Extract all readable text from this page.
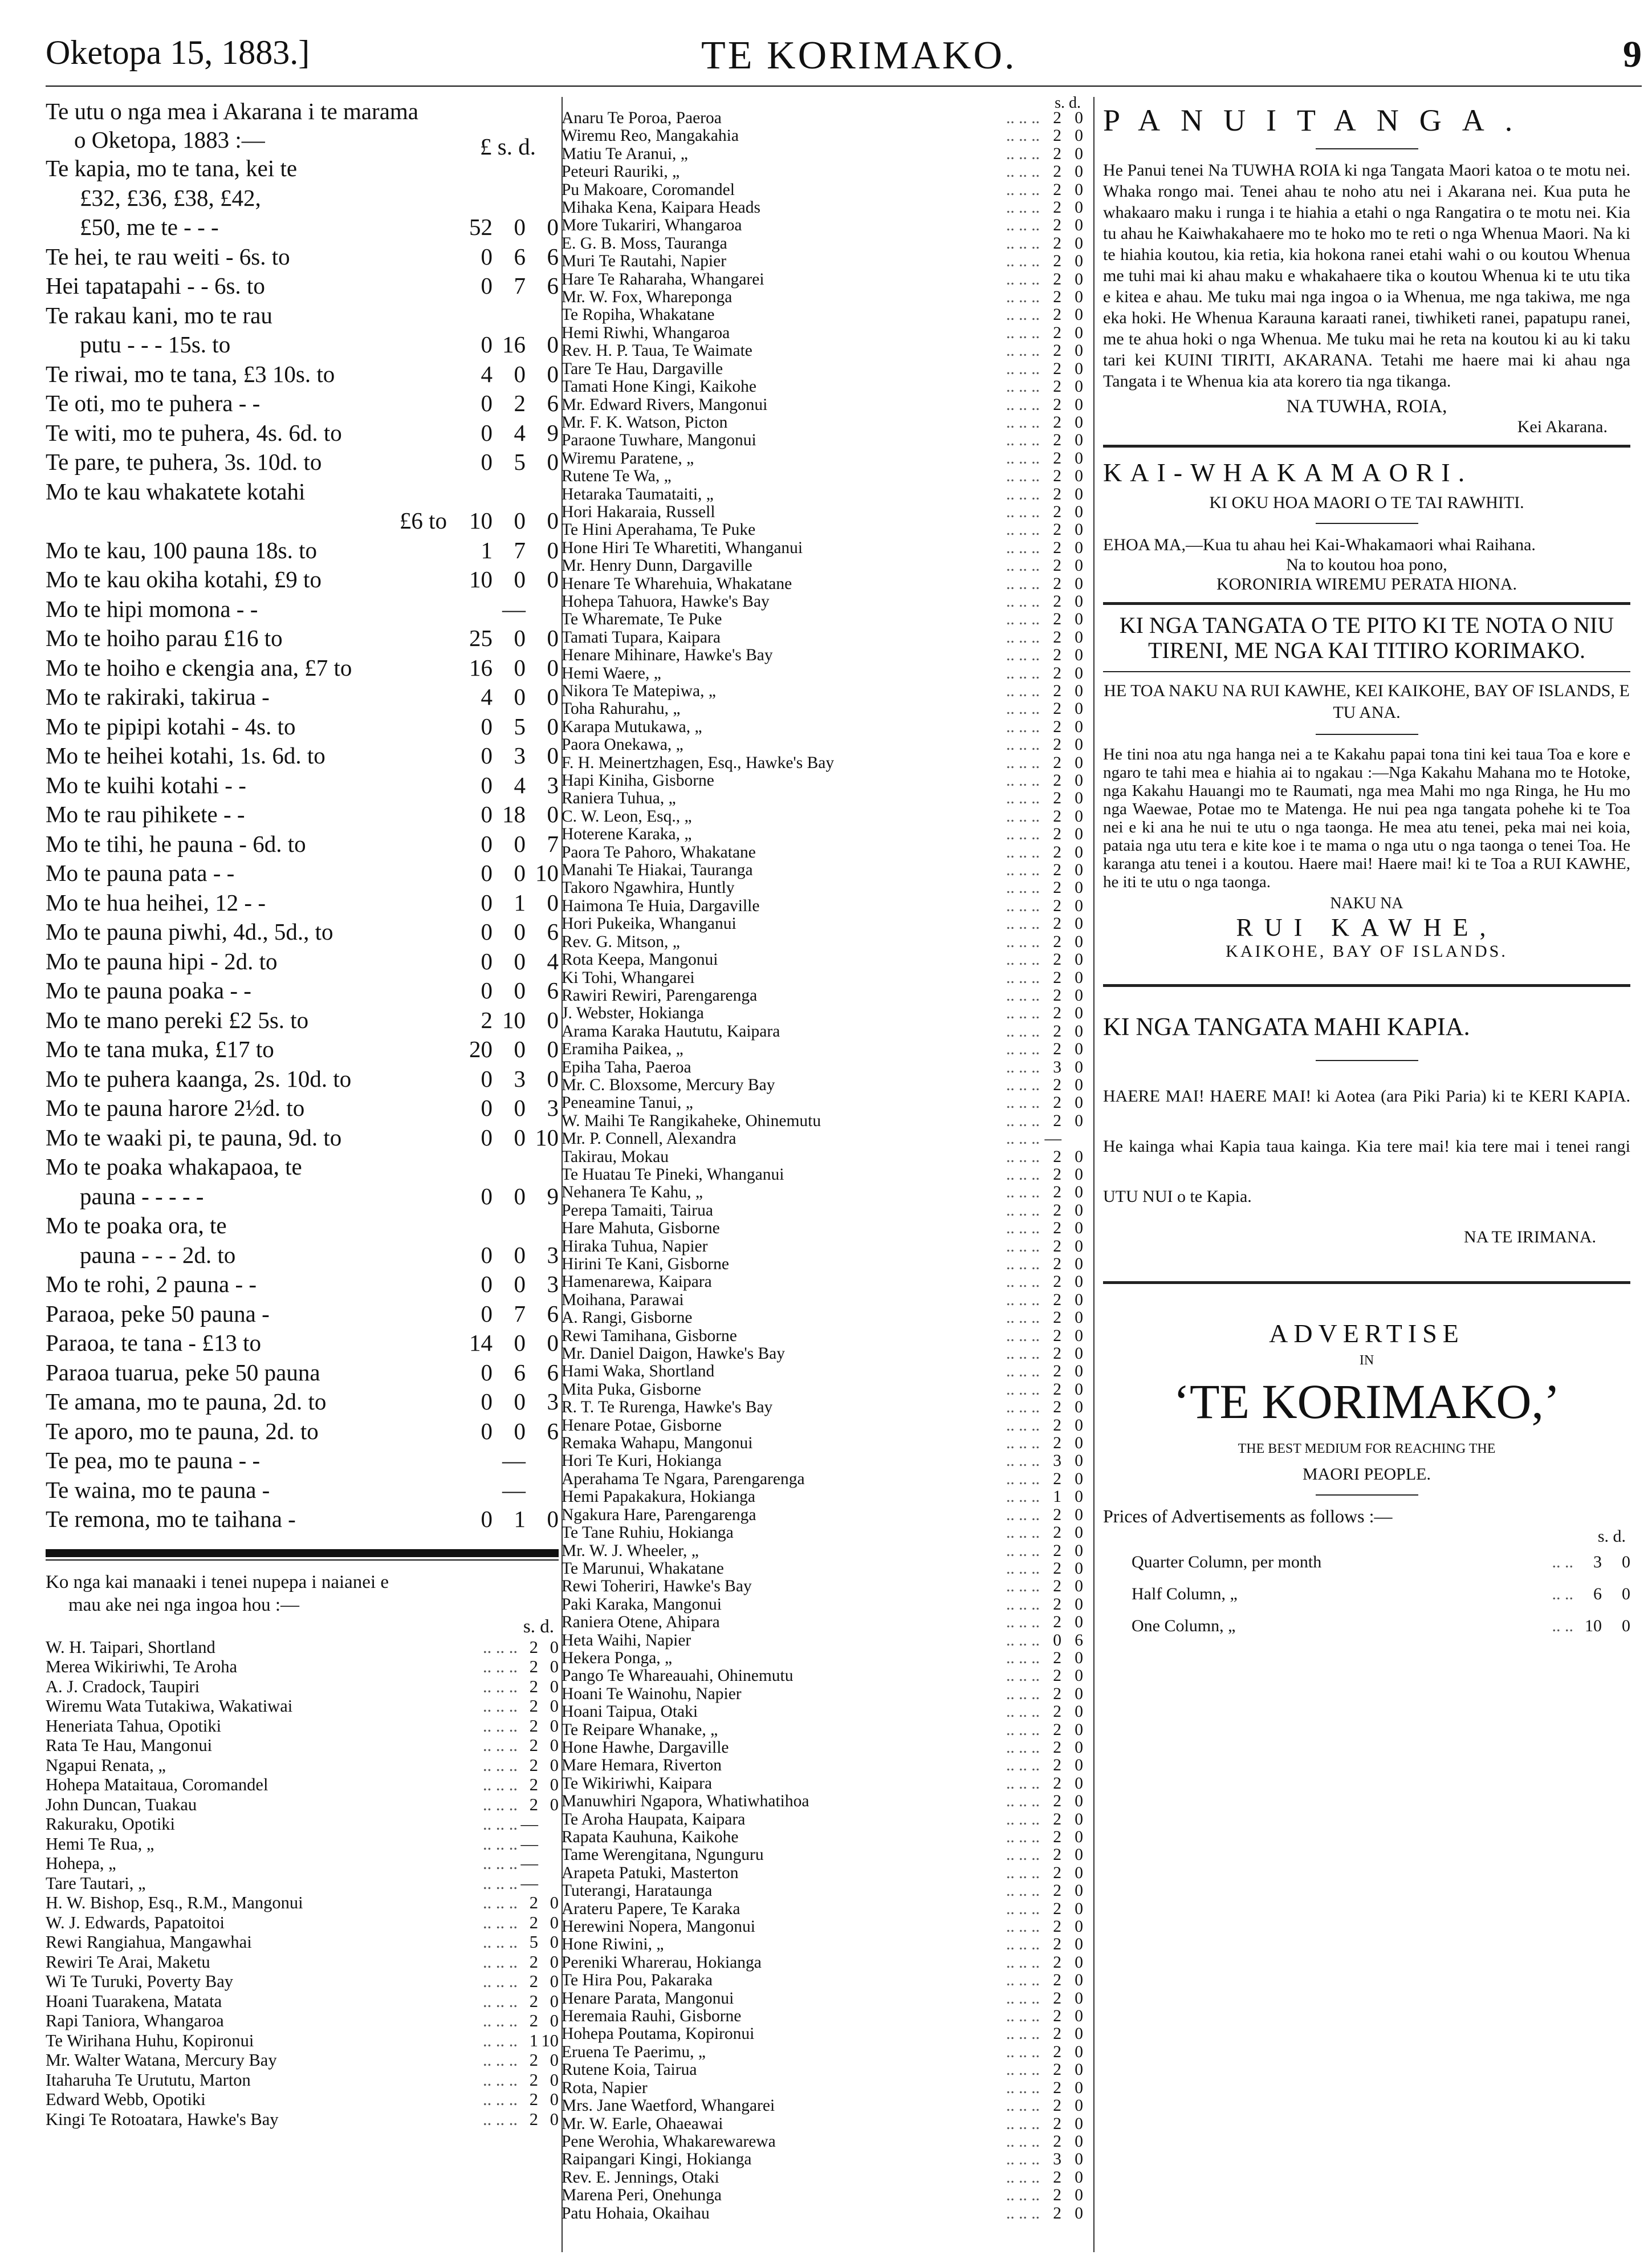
Oketopa 15, 1883.]	TE KORIMAKO.	9
Te utu o nga mea i Akarana i te marama
o Oketopa, 1883 :—	£ s. d.
Te kapia, mo te tana, kei te			
£32, £36, £38, £42,			
£50, me te - - -	52	0	0
Te hei, te rau weiti - 6s. to	0	6	6
Hei tapatapahi - - 6s. to	0	7	6
Te rakau kani, mo te rau			
putu - - - 15s. to	0	16	0
Te riwai, mo te tana, £3 10s. to	4	0	0
Te oti, mo te puhera - -	0	2	6
Te witi, mo te puhera, 4s. 6d. to	0	4	9
Te pare, te puhera, 3s. 10d. to	0	5	0
Mo te kau whakatete kotahi			
£6 to	10	0	0
Mo te kau, 100 pauna 18s. to	1	7	0
Mo te kau okiha kotahi, £9 to	10	0	0
Mo te hipi momona - -		—	
Mo te hoiho parau £16 to	25	0	0
Mo te hoiho e ckengia ana, £7 to	16	0	0
Mo te rakiraki, takirua -	4	0	0
Mo te pipipi kotahi - 4s. to	0	5	0
Mo te heihei kotahi, 1s. 6d. to	0	3	0
Mo te kuihi kotahi - -	0	4	3
Mo te rau pihikete - -	0	18	0
Mo te tihi, he pauna - 6d. to	0	0	7
Mo te pauna pata - -	0	0	10
Mo te hua heihei, 12 - -	0	1	0
Mo te pauna piwhi, 4d., 5d., to	0	0	6
Mo te pauna hipi - 2d. to	0	0	4
Mo te pauna poaka - -	0	0	6
Mo te mano pereki £2 5s. to	2	10	0
Mo te tana muka, £17 to	20	0	0
Mo te puhera kaanga, 2s. 10d. to	0	3	0
Mo te pauna harore 2½d. to	0	0	3
Mo te waaki pi, te pauna, 9d. to	0	0	10
Mo te poaka whakapaoa, te			
pauna - - - - -	0	0	9
Mo te poaka ora, te			
pauna - - - 2d. to	0	0	3
Mo te rohi, 2 pauna - -	0	0	3
Paraoa, peke 50 pauna -	0	7	6
Paraoa, te tana - £13 to	14	0	0
Paraoa tuarua, peke 50 pauna	0	6	6
Te amana, mo te pauna, 2d. to	0	0	3
Te aporo, mo te pauna, 2d. to	0	0	6
Te pea, mo te pauna - -		—	
Te waina, mo te pauna -		—	
Te remona, mo te taihana -	0	1	0
Ko nga kai manaaki i tenei nupepa i naianei e
mau ake nei nga ingoa hou :—
s. d.
W. H. Taipari, Shortland	.. .. ..	2	0
Merea Wikiriwhi, Te Aroha	.. .. ..	2	0
A. J. Cradock, Taupiri	.. .. ..	2	0
Wiremu Wata Tutakiwa, Wakatiwai	.. .. ..	2	0
Heneriata Tahua, Opotiki	.. .. ..	2	0
Rata Te Hau, Mangonui	.. .. ..	2	0
Ngapui Renata, „	.. .. ..	2	0
Hohepa Mataitaua, Coromandel	.. .. ..	2	0
John Duncan, Tuakau	.. .. ..	2	0
Rakuraku, Opotiki	.. .. ..	—	
Hemi Te Rua, „	.. .. ..	—	
Hohepa, „	.. .. ..	—	
Tare Tautari, „	.. .. ..	—	
H. W. Bishop, Esq., R.M., Mangonui	.. .. ..	2	0
W. J. Edwards, Papatoitoi	.. .. ..	2	0
Rewi Rangiahua, Mangawhai	.. .. ..	5	0
Rewiri Te Arai, Maketu	.. .. ..	2	0
Wi Te Turuki, Poverty Bay	.. .. ..	2	0
Hoani Tuarakena, Matata	.. .. ..	2	0
Rapi Taniora, Whangaroa	.. .. ..	2	0
Te Wirihana Huhu, Kopironui	.. .. ..	1	10
Mr. Walter Watana, Mercury Bay	.. .. ..	2	0
Itaharuha Te Urututu, Marton	.. .. ..	2	0
Edward Webb, Opotiki	.. .. ..	2	0
Kingi Te Rotoatara, Hawke's Bay	.. .. ..	2	0
s. d.
Anaru Te Poroa, Paeroa	.. .. ..	2	0
Wiremu Reo, Mangakahia	.. .. ..	2	0
Matiu Te Aranui, „	.. .. ..	2	0
Peteuri Rauriki, „	.. .. ..	2	0
Pu Makoare, Coromandel	.. .. ..	2	0
Mihaka Kena, Kaipara Heads	.. .. ..	2	0
More Tukariri, Whangaroa	.. .. ..	2	0
E. G. B. Moss, Tauranga	.. .. ..	2	0
Muri Te Rautahi, Napier	.. .. ..	2	0
Hare Te Raharaha, Whangarei	.. .. ..	2	0
Mr. W. Fox, Wharepongа	.. .. ..	2	0
Te Ropiha, Whakatane	.. .. ..	2	0
Hemi Riwhi, Whangaroa	.. .. ..	2	0
Rev. H. P. Taua, Te Waimate	.. .. ..	2	0
Tare Te Hau, Dargaville	.. .. ..	2	0
Tamati Hone Kingi, Kaikohe	.. .. ..	2	0
Mr. Edward Rivers, Mangonui	.. .. ..	2	0
Mr. F. K. Watson, Picton	.. .. ..	2	0
Paraone Tuwhare, Mangonui	.. .. ..	2	0
Wiremu Paratene, „	.. .. ..	2	0
Rutene Te Wa, „	.. .. ..	2	0
Hetaraka Taumataiti, „	.. .. ..	2	0
Hori Hakaraia, Russell	.. .. ..	2	0
Te Hini Aperahama, Te Puke	.. .. ..	2	0
Hone Hiri Te Wharetiti, Whanganui	.. .. ..	2	0
Mr. Henry Dunn, Dargaville	.. .. ..	2	0
Henare Te Wharehuia, Whakatane	.. .. ..	2	0
Hohepa Tahuora, Hawke's Bay	.. .. ..	2	0
Te Wharemate, Te Puke	.. .. ..	2	0
Tamati Tupara, Kaipara	.. .. ..	2	0
Henare Mihinare, Hawke's Bay	.. .. ..	2	0
Hemi Waere, „	.. .. ..	2	0
Nikora Te Matepiwa, „	.. .. ..	2	0
Toha Rahurahu, „	.. .. ..	2	0
Karapa Mutukawa, „	.. .. ..	2	0
Paora Onekawa, „	.. .. ..	2	0
F. H. Meinertzhagen, Esq., Hawke's Bay	.. .. ..	2	0
Hapi Kiniha, Gisborne	.. .. ..	2	0
Raniera Tuhua, „	.. .. ..	2	0
C. W. Leon, Esq., „	.. .. ..	2	0
Hoterene Karaka, „	.. .. ..	2	0
Paora Te Pahoro, Whakatane	.. .. ..	2	0
Manahi Te Hiakai, Tauranga	.. .. ..	2	0
Takoro Ngawhira, Huntly	.. .. ..	2	0
Haimona Te Huia, Dargaville	.. .. ..	2	0
Hori Pukeika, Whanganui	.. .. ..	2	0
Rev. G. Mitson, „	.. .. ..	2	0
Rota Keepa, Mangonui	.. .. ..	2	0
Ki Tohi, Whangarei	.. .. ..	2	0
Rawiri Rewiri, Parengarenga	.. .. ..	2	0
J. Webster, Hokianga	.. .. ..	2	0
Arama Karaka Haututu, Kaipara	.. .. ..	2	0
Eramiha Paikea, „	.. .. ..	2	0
Epiha Taha, Paeroa	.. .. ..	3	0
Mr. C. Bloxsome, Mercury Bay	.. .. ..	2	0
Peneamine Tanui, „	.. .. ..	2	0
W. Maihi Te Rangikaheke, Ohinemutu	.. .. ..	2	0
Mr. P. Connell, Alexandra	.. .. ..	—	
Takirau, Mokau	.. .. ..	2	0
Te Huatau Te Pineki, Whanganui	.. .. ..	2	0
Nehanera Te Kahu, „	.. .. ..	2	0
Perepa Tamaiti, Tairua	.. .. ..	2	0
Hare Mahuta, Gisborne	.. .. ..	2	0
Hiraka Tuhua, Napier	.. .. ..	2	0
Hirini Te Kani, Gisborne	.. .. ..	2	0
Hamenarewa, Kaipara	.. .. ..	2	0
Moihana, Parawai	.. .. ..	2	0
A. Rangi, Gisborne	.. .. ..	2	0
Rewi Tamihana, Gisborne	.. .. ..	2	0
Mr. Daniel Daigon, Hawke's Bay	.. .. ..	2	0
Hami Waka, Shortland	.. .. ..	2	0
Mita Puka, Gisborne	.. .. ..	2	0
R. T. Te Rurenga, Hawke's Bay	.. .. ..	2	0
Henare Potae, Gisborne	.. .. ..	2	0
Remaka Wahapu, Mangonui	.. .. ..	2	0
Hori Te Kuri, Hokianga	.. .. ..	3	0
Aperahama Te Ngara, Parengarenga	.. .. ..	2	0
Hemi Papakakura, Hokianga	.. .. ..	1	0
Ngakura Hare, Parengarenga	.. .. ..	2	0
Te Tane Ruhiu, Hokianga	.. .. ..	2	0
Mr. W. J. Wheeler, „	.. .. ..	2	0
Te Marunui, Whakatane	.. .. ..	2	0
Rewi Toheriri, Hawke's Bay	.. .. ..	2	0
Paki Karaka, Mangonui	.. .. ..	2	0
Raniera Otene, Ahipara	.. .. ..	2	0
Heta Waihi, Napier	.. .. ..	0	6
Hekera Ponga, „	.. .. ..	2	0
Pango Te Whareauahi, Ohinemutu	.. .. ..	2	0
Hoani Te Wainohu, Napier	.. .. ..	2	0
Hoani Taipua, Otaki	.. .. ..	2	0
Te Reipare Whanake, „	.. .. ..	2	0
Hone Hawhe, Dargaville	.. .. ..	2	0
Mare Hemara, Riverton	.. .. ..	2	0
Te Wikiriwhi, Kaipara	.. .. ..	2	0
Manuwhiri Ngapora, Whatiwhatihoa	.. .. ..	2	0
Te Aroha Haupata, Kaipara	.. .. ..	2	0
Rapata Kauhuna, Kaikohe	.. .. ..	2	0
Tame Werengitana, Ngunguru	.. .. ..	2	0
Arapeta Patuki, Masterton	.. .. ..	2	0
Tuterangi, Harataunga	.. .. ..	2	0
Arateru Papere, Te Karaka	.. .. ..	2	0
Herewini Nopera, Mangonui	.. .. ..	2	0
Hone Riwini, „	.. .. ..	2	0
Pereniki Wharerau, Hokianga	.. .. ..	2	0
Te Hira Pou, Pakaraka	.. .. ..	2	0
Henare Parata, Mangonui	.. .. ..	2	0
Heremaia Rauhi, Gisborne	.. .. ..	2	0
Hohepa Poutama, Kopironui	.. .. ..	2	0
Eruena Te Paerimu, „	.. .. ..	2	0
Rutene Koia, Tairua	.. .. ..	2	0
Rota, Napier	.. .. ..	2	0
Mrs. Jane Waetford, Whangarei	.. .. ..	2	0
Mr. W. Earle, Ohaeawai	.. .. ..	2	0
Pene Werohia, Whakarewarewa	.. .. ..	2	0
Raipangari Kingi, Hokianga	.. .. ..	3	0
Rev. E. Jennings, Otaki	.. .. ..	2	0
Marena Peri, Onehunga	.. .. ..	2	0
Patu Hohaia, Okaihau	.. .. ..	2	0
PANUITANGA.
He Panui tenei Na TUWHA ROIA ki nga Tangata Maori katoa o te motu nei. Whaka rongo mai. Tenei ahau te noho atu nei i Akarana nei. Kua puta he whakaaro maku i runga i te hiahia a etahi o nga Rangatira o te motu nei. Kia tu ahau he Kaiwhakahaere mo te hoko mo te reti o nga Whenua Maori. Na ki te hiahia koutou, kia retia, kia hokona ranei etahi wahi o ou koutou Whenua me tuhi mai ki ahau maku e whakahaere tika o koutou Whenua ki te utu tika e kitea e ahau. Me tuku mai nga ingoa o ia Whenua, me nga takiwa, me nga eka hoki. He Whenua Karauna karaati ranei, tiwhiketi ranei, papatupu ranei, me te ahua hoki o nga Whenua. Me tuku mai he reta na koutou ki au ki taku tari kei KUINI TIRITI, AKARANA. Tetahi me haere mai ki ahau nga Tangata i te Whenua kia ata korero tia nga tikanga.
NA TUWHA, ROIA,
Kei Akarana.
KAI-WHAKAMAORI.
KI OKU HOA MAORI O TE TAI RAWHITI.
EHOA MA,—Kua tu ahau hei Kai-Whakamaori whai Raihana.
Na to koutou hoa pono,
KORONIRIA WIREMU PERATA HIONA.
KI NGA TANGATA O TE PITO KI TE NOTA O NIU TIRENI, ME NGA KAI TITIRO KORIMAKO.
HE TOA NAKU NA RUI KAWHE, KEI KAIKOHE, BAY OF ISLANDS, E TU ANA.
He tini noa atu nga hanga nei a te Kakahu papai tona tini kei taua Toa e kore e ngaro te tahi mea e hiahia ai to ngakau :—Nga Kakahu Mahana mo te Hotoke, nga Kakahu Hauangi mo te Raumati, nga mea Mahi mo nga Ringa, he Hu mo nga Waewae, Potae mo te Matenga. He nui pea nga tangata pohehe ki te Toa nei e ki ana he nui te utu o nga taonga. He mea atu tenei, peka mai nei koia, pataia nga utu tera e kite koe i te mama o nga utu o nga taonga o tenei Toa. He karanga atu tenei i a koutou. Haere mai! Haere mai! ki te Toa a RUI KAWHE, he iti te utu o nga taonga.
NAKU NA
RUI KAWHE,
KAIKOHE, BAY OF ISLANDS.
KI NGA TANGATA MAHI KAPIA.
HAERE MAI! HAERE MAI! ki Aotea (ara Piki Paria) ki te KERI KAPIA. He kainga whai Kapia taua kainga. Kia tere mai! kia tere mai i tenei rangi UTU NUI o te Kapia.
NA TE IRIMANA.
ADVERTISE
IN
‘TE KORIMAKO,’
THE BEST MEDIUM FOR REACHING THE
MAORI PEOPLE.
Prices of Advertisements as follows :—
s. d.
Quarter Column, per month	.. ..	3	0
Half Column, „	.. ..	6	0
One Column, „	.. ..	10	0
